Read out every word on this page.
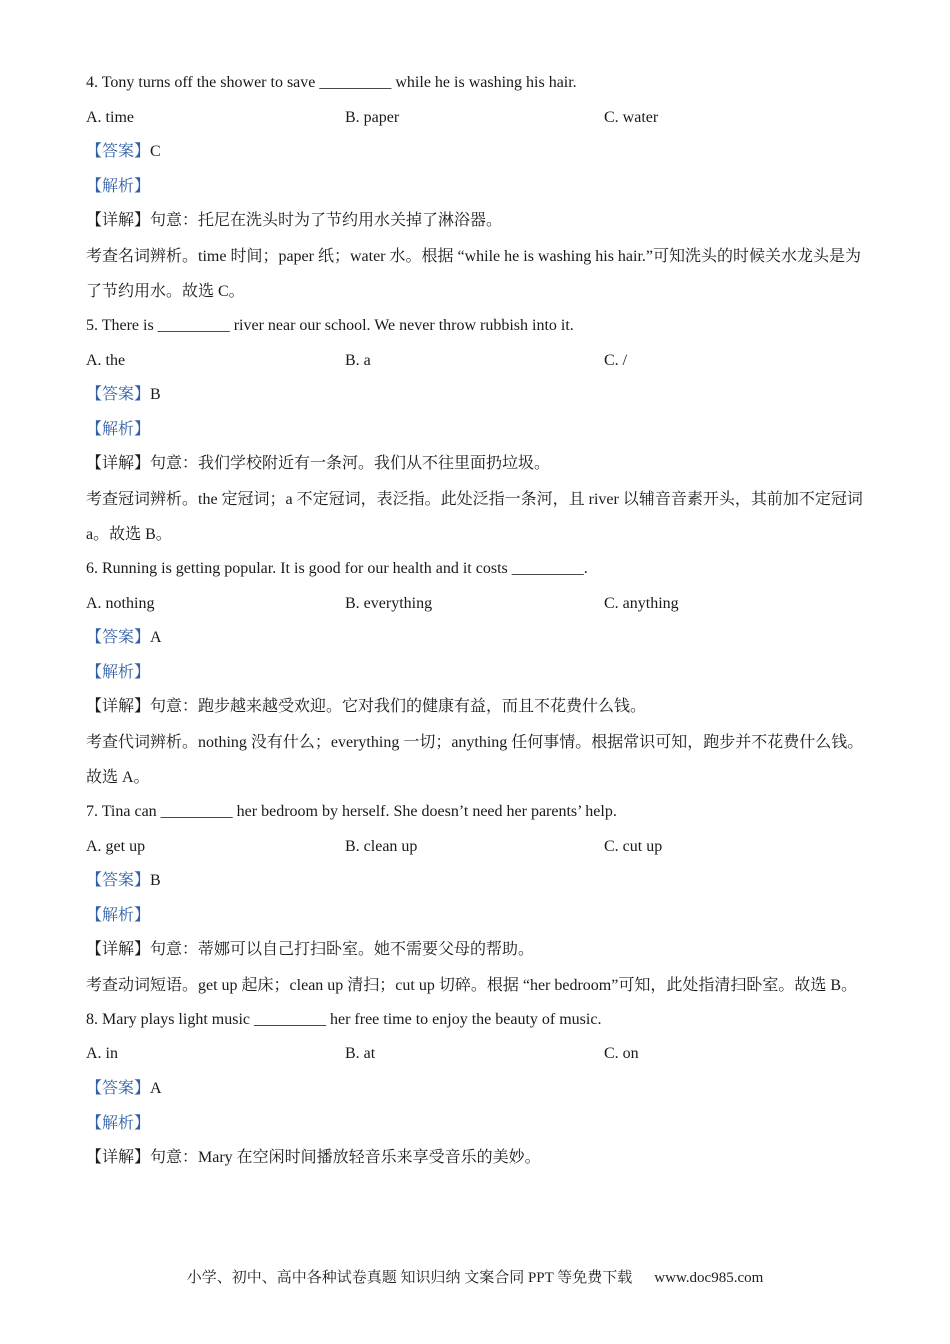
4. Tony turns off the shower to save _________ while he is washing his hair.
A. time	B. paper	C. water
【答案】C
【解析】
【详解】句意：托尼在洗头时为了节约用水关掉了淋浴器。
考查名词辨析。time 时间；paper 纸；water 水。根据 “while he is washing his hair.”可知洗头的时候关水龙头是为了节约用水。故选 C。
5. There is _________ river near our school. We never throw rubbish into it.
A. the	B. a	C. /
【答案】B
【解析】
【详解】句意：我们学校附近有一条河。我们从不往里面扔垃圾。
考查冠词辨析。the 定冠词；a 不定冠词，表泛指。此处泛指一条河，且 river 以辅音音素开头，其前加不定冠词 a。故选 B。
6. Running is getting popular. It is good for our health and it costs _________.
A. nothing	B. everything	C. anything
【答案】A
【解析】
【详解】句意：跑步越来越受欢迎。它对我们的健康有益，而且不花费什么钱。
考查代词辨析。nothing 没有什么；everything 一切；anything 任何事情。根据常识可知，跑步并不花费什么钱。故选 A。
7. Tina can _________ her bedroom by herself. She doesn’t need her parents’ help.
A. get up	B. clean up	C. cut up
【答案】B
【解析】
【详解】句意：蒂娜可以自己打扫卧室。她不需要父母的帮助。
考查动词短语。get up 起床；clean up 清扫；cut up 切碎。根据 “her bedroom”可知，此处指清扫卧室。故选 B。
8. Mary plays light music _________ her free time to enjoy the beauty of music.
A. in	B. at	C. on
【答案】A
【解析】
【详解】句意：Mary 在空闲时间播放轻音乐来享受音乐的美妙。
小学、初中、高中各种试卷真题 知识归纳 文案合同 PPT 等免费下载 www.doc985.com
